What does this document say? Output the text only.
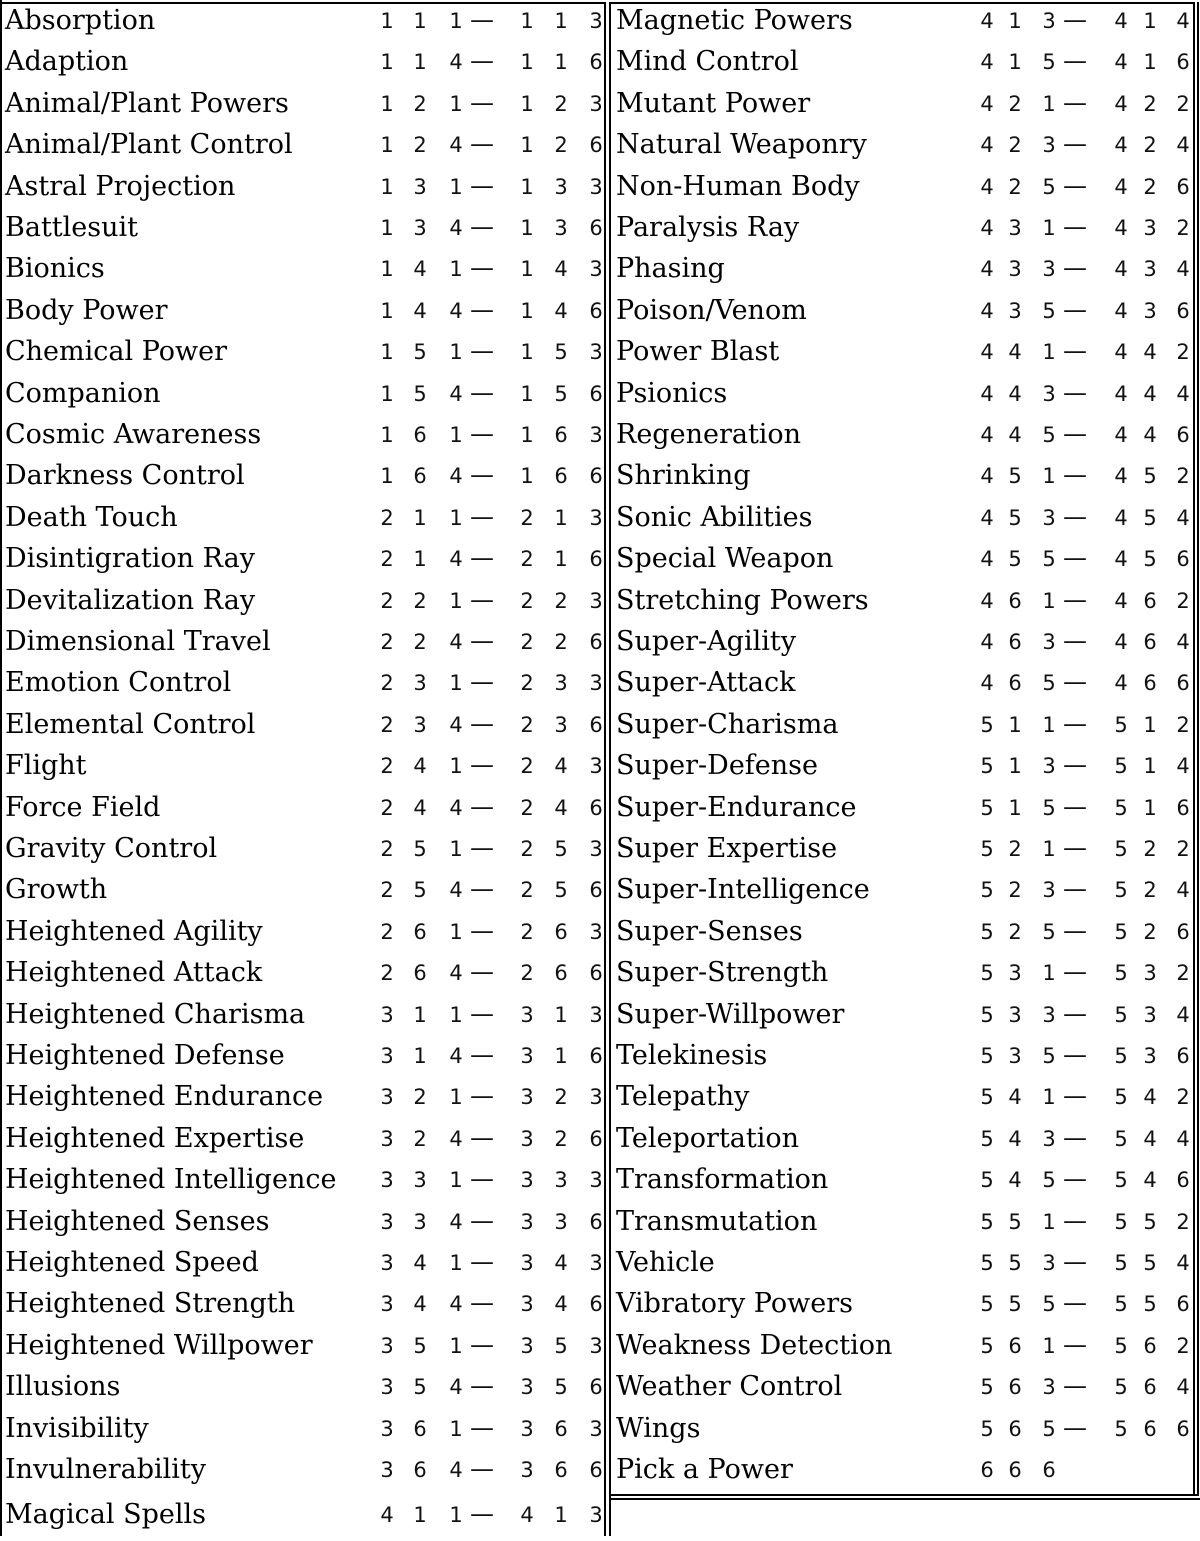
Absorption	1 1 1 — 1 1 3
Adaption	1 1 4 — 1 1 6
Animal/Plant Powers	1 2 1 — 1 2 3
Animal/Plant Control	1 2 4 — 1 2 6
Astral Projection	1 3 1 — 1 3 3
Battlesuit	1 3 4 — 1 3 6
Bionics	1 4 1 — 1 4 3
Body Power	1 4 4 — 1 4 6
Chemical Power	1 5 1 — 1 5 3
Companion	1 5 4 — 1 5 6
Cosmic Awareness	1 6 1 — 1 6 3
Darkness Control	1 6 4 — 1 6 6
Death Touch	2 1 1 — 2 1 3
Disintigration Ray	2 1 4 — 2 1 6
Devitalization Ray	2 2 1 — 2 2 3
Dimensional Travel	2 2 4 — 2 2 6
Emotion Control	2 3 1 — 2 3 3
Elemental Control	2 3 4 — 2 3 6
Flight	2 4 1 — 2 4 3
Force Field	2 4 4 — 2 4 6
Gravity Control	2 5 1 — 2 5 3
Growth	2 5 4 — 2 5 6
Heightened Agility	2 6 1 — 2 6 3
Heightened Attack	2 6 4 — 2 6 6
Heightened Charisma	3 1 1 — 3 1 3
Heightened Defense	3 1 4 — 3 1 6
Heightened Endurance	3 2 1 — 3 2 3
Heightened Expertise	3 2 4 — 3 2 6
Heightened Intelligence 3 3 1 — 3 3 3
Heightened Senses	3 3 4 — 3 3 6
Heightened Speed	3 4 1 — 3 4 3
Heightened Strength	3 4 4 — 3 4 6
Heightened Willpower	3 5 1 — 3 5 3
Illusions	3 5 4 — 3 5 6
Invisibility	3 6 1 — 3 6 3
Invulnerability	3 6 4 — 3 6 6
Magical Spells	4 1 1 — 4 1 3
Magnetic Powers	4 1 3 — 4 1 4
Mind Control	4 1 5 — 4 1 6
Mutant Power	4 2 1 — 4 2 2
Natural Weaponry	4 2 3 — 4 2 4
Non-Human Body	4 2 5 — 4 2 6
Paralysis Ray	4 3 1 — 4 3 2
Phasing	4 3 3 — 4 3 4
Poison/Venom	4 3 5 — 4 3 6
Power Blast	4 4 1 — 4 4 2
Psionics	4 4 3 — 4 4 4
Regeneration	4 4 5 — 4 4 6
Shrinking	4 5 1 — 4 5 2
Sonic Abilities	4 5 3 — 4 5 4
Special Weapon	4 5 5 — 4 5 6
Stretching Powers	4 6 1 — 4 6 2
Super-Agility	4 6 3 — 4 6 4
Super-Attack	4 6 5 — 4 6 6
Super-Charisma	5 1 1 — 5 1 2
Super-Defense	5 1 3 — 5 1 4
Super-Endurance	5 1 5 — 5 1 6
Super Expertise	5 2 1 — 5 2 2
Super-Intelligence	5 2 3 — 5 2 4
Super-Senses	5 2 5 — 5 2 6
Super-Strength	5 3 1 — 5 3 2
Super-Willpower	5 3 3 — 5 3 4
Telekinesis	5 3 5 — 5 3 6
Telepathy	5 4 1 — 5 4 2
Teleportation	5 4 3 — 5 4 4
Transformation	5 4 5 — 5 4 6
Transmutation	5 5 1 — 5 5 2
Vehicle	5 5 3 — 5 5 4
Vibratory Powers	5 5 5 — 5 5 6
Weakness Detection	5 6 1 — 5 6 2
Weather Control	5 6 3 — 5 6 4
Wings	5 6 5 — 5 6 6
Pick a Power	6 6 6
